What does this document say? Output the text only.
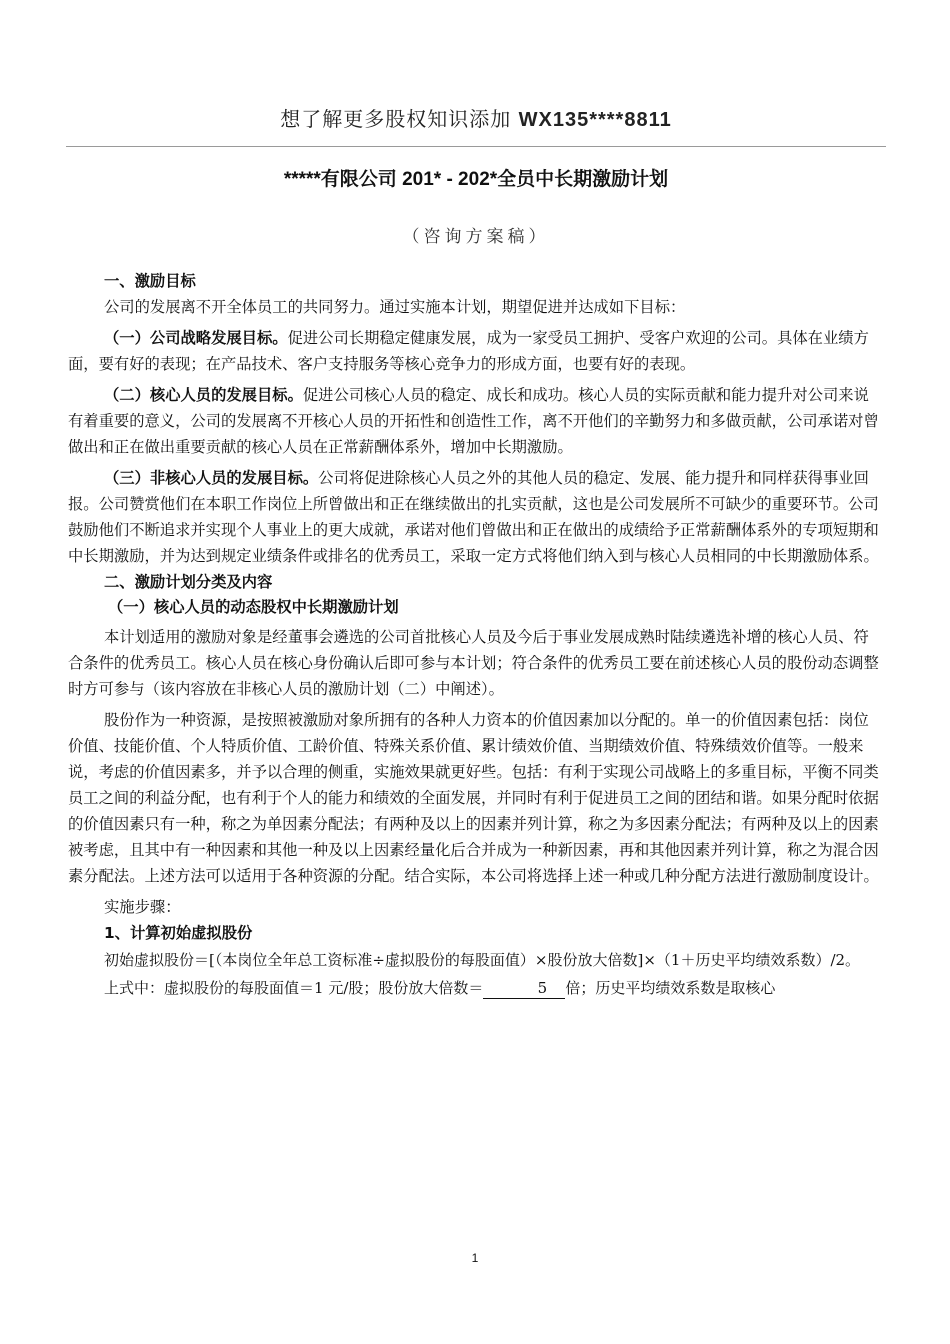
想了解更多股权知识添加 WX135****8811
*****有限公司 201* - 202*全员中长期激励计划
（咨询方案稿）

一、激励目标

公司的发展离不开全体员工的共同努力。通过实施本计划，期望促进并达成如下目标：

（一）公司战略发展目标。促进公司长期稳定健康发展，成为一家受员工拥护、受客户欢迎的公司。具体在业绩方面，要有好的表现；在产品技术、客户支持服务等核心竞争力的形成方面，也要有好的表现。

（二）核心人员的发展目标。促进公司核心人员的稳定、成长和成功。核心人员的实际贡献和能力提升对公司来说有着重要的意义，公司的发展离不开核心人员的开拓性和创造性工作，离不开他们的辛勤努力和多做贡献，公司承诺对曾做出和正在做出重要贡献的核心人员在正常薪酬体系外，增加中长期激励。

（三）非核心人员的发展目标。公司将促进除核心人员之外的其他人员的稳定、发展、能力提升和同样获得事业回报。公司赞赏他们在本职工作岗位上所曾做出和正在继续做出的扎实贡献，这也是公司发展所不可缺少的重要环节。公司鼓励他们不断追求并实现个人事业上的更大成就，承诺对他们曾做出和正在做出的成绩给予正常薪酬体系外的专项短期和中长期激励，并为达到规定业绩条件或排名的优秀员工，采取一定方式将他们纳入到与核心人员相同的中长期激励体系。

二、激励计划分类及内容

（一）核心人员的动态股权中长期激励计划

本计划适用的激励对象是经董事会遴选的公司首批核心人员及今后于事业发展成熟时陆续遴选补增的核心人员、符合条件的优秀员工。核心人员在核心身份确认后即可参与本计划；符合条件的优秀员工要在前述核心人员的股份动态调整时方可参与（该内容放在非核心人员的激励计划（二）中阐述）。

股份作为一种资源，是按照被激励对象所拥有的各种人力资本的价值因素加以分配的。单一的价值因素包括：岗位价值、技能价值、个人特质价值、工龄价值、特殊关系价值、累计绩效价值、当期绩效价值、特殊绩效价值等。一般来说，考虑的价值因素多，并予以合理的侧重，实施效果就更好些。包括：有利于实现公司战略上的多重目标，平衡不同类员工之间的利益分配，也有利于个人的能力和绩效的全面发展，并同时有利于促进员工之间的团结和谐。如果分配时依据的价值因素只有一种，称之为单因素分配法；有两种及以上的因素并列计算，称之为多因素分配法；有两种及以上的因素被考虑，且其中有一种因素和其他一种及以上因素经量化后合并成为一种新因素，再和其他因素并列计算，称之为混合因素分配法。上述方法可以适用于各种资源的分配。结合实际，本公司将选择上述一种或几种分配方法进行激励制度设计。

实施步骤：

1、计算初始虚拟股份

初始虚拟股份＝[（本岗位全年总工资标准÷虚拟股份的每股面值）×股份放大倍数]×（1＋历史平均绩效系数）/2。

上式中：虚拟股份的每股面值＝1 元/股；股份放大倍数＝	5 倍；历史平均绩效系数是取核心

1
